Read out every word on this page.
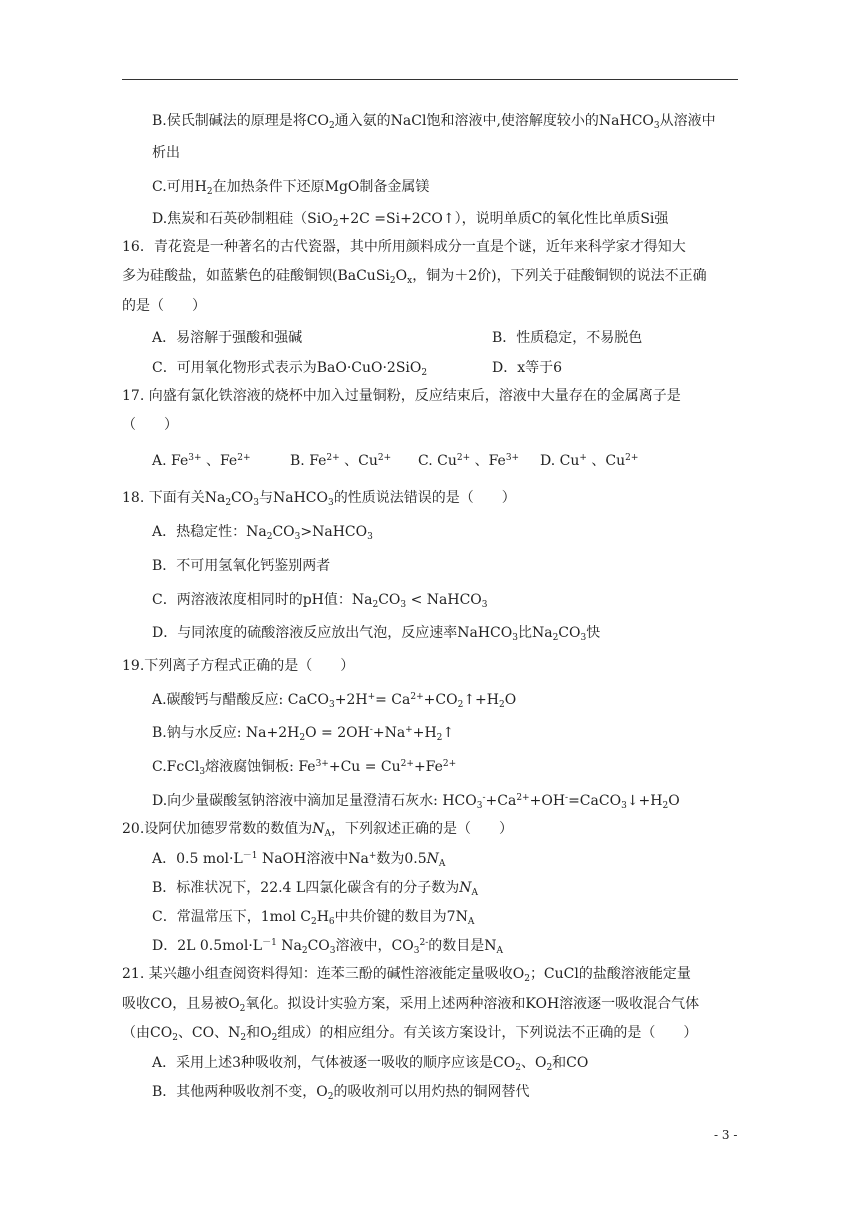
B.侯氏制碱法的原理是将$CO_2$通入氨的NaCl饱和溶液中,使溶解度较小的NaHCO$_3$从溶液中
析出
C.可用$H_2$在加热条件下还原MgO制备金属镁
D.焦炭和石英砂制粗硅（SiO$_2$+2C =Si+2CO↑），说明单质C的氧化性比单质Si强
16．青花瓷是一种著名的古代瓷器，其中所用颜料成分一直是个谜，近年来科学家才得知大
多为硅酸盐，如蓝紫色的硅酸铜钡($BaCuSi_2O_x$，铜为＋2价)，下列关于硅酸铜钡的说法不正确
的是（　　）
A．易溶解于强酸和强碱	B．性质稳定，不易脱色
C．可用氧化物形式表示为BaO·CuO·2SiO$_2$	D．x等于6
17. 向盛有氯化铁溶液的烧杯中加入过量铜粉，反应结束后，溶液中大量存在的金属离子是
（　　）
A. $Fe^{3+}$ 、$Fe^{2+}$	B. $Fe^{2+}$ 、$Cu^{2+}$ C. $Cu^{2+}$ 、$Fe^{3+}$ D. Cu+ 、$Cu^{2+}$
18. 下面有关$Na_2CO_3$与NaHCO$_3$的性质说法错误的是（　　）
A．热稳定性：$Na_2CO_3>NaHCO_3$
B．不可用氢氧化钙鉴别两者
C．两溶液浓度相同时的pH值：$Na_2CO_3$ < NaHCO$_3$
D．与同浓度的硫酸溶液反应放出气泡，反应速率NaHCO$_3$比$Na_2CO_3$快
19.下列离子方程式正确的是（　　）
A.碳酸钙与醋酸反应: CaCO$_3$+2H+= $Ca^{2+}+CO_2↑+H_2O$
B.钠与水反应: $Na+2H_2O$ = $2OH^-+Na^++H_2↑$
C.FcCl$_3$熔液腐蚀铜板: $Fe^{3+}+Cu = Cu^{2+}+Fe^{2+}$
D.向少量碳酸氢钠溶液中滴加足量澄清石灰水: $HCO_3^-+Ca^{2+}+OH^-=CaCO_3↓+H_2O$
20.设阿伏加德罗常数的数值为$N_A$，下列叙述正确的是（　　）
A．0.5 $mol\cdot L^{-1}$ NaOH溶液中Na+数为$0.5N_A$
B．标准状况下，22.4 L四氯化碳含有的分子数为$N_A$
C．常温常压下，1mol $C_2H_6$中共价键的数目为$7N_A$
D．2L $0.5mol\cdot L^{-1}$ $Na_2CO_3$溶液中，$CO_3^{2-}$的数目是$N_A$
21. 某兴趣小组查阅资料得知：连苯三酚的碱性溶液能定量吸收$O_2$；CuCl的盐酸溶液能定量
吸收CO，且易被$O_2$氧化。拟设计实验方案，采用上述两种溶液和KOH溶液逐一吸收混合气体
（由$CO_2$、CO、$N_2$和$O_2$组成）的相应组分。有关该方案设计，下列说法不正确的是（　　）
A．采用上述3种吸收剂，气体被逐一吸收的顺序应该是$CO_2$、$O_2$和CO
B．其他两种吸收剂不变，$O_2$的吸收剂可以用灼热的铜网替代
- 3 -
